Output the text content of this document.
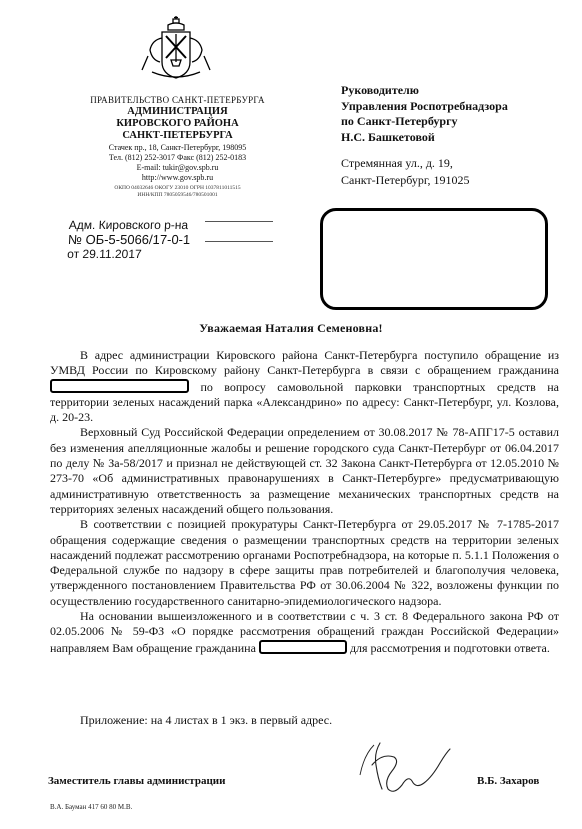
ПРАВИТЕЛЬСТВО САНКТ-ПЕТЕРБУРГА
АДМИНИСТРАЦИЯ
КИРОВСКОГО РАЙОНА
САНКТ-ПЕТЕРБУРГА
Стачек пр., 18, Санкт-Петербург, 198095
Тел. (812) 252-3017 Факс (812) 252-0183
E-mail: tukir@gov.spb.ru
http://www.gov.spb.ru
ОКПО 04032646 ОКОГУ 23010 ОГРН 1037811011515
ИНН/КПП 7805059546/780501001
Адм. Кировского р-на
№ ОБ-5-5066/17-0-1
от 29.11.2017
Руководителю
Управления Роспотребнадзора
по Санкт-Петербургу
Н.С. Башкетовой
Стремянная ул., д. 19,
Санкт-Петербург, 191025
Уважаемая Наталия Семеновна!

В адрес администрации Кировского района Санкт-Петербурга поступило обращение из УМВД России по Кировскому району Санкт-Петербурга в связи с обращением гражданина  по вопросу самовольной парковки транспортных средств на территории зеленых насаждений парка «Александрино» по адресу: Санкт-Петербург, ул. Козлова, д. 20-23.

Верховный Суд Российской Федерации определением от 30.08.2017 № 78-АПГ17-5 оставил без изменения апелляционные жалобы и решение городского суда Санкт-Петербург от 06.04.2017 по делу № За-58/2017 и признал не действующей ст. 32 Закона Санкт-Петербурга от 12.05.2010 № 273-70 «Об административных правонарушениях в Санкт-Петербурге» предусматривающую административную ответственность за размещение механических транспортных средств на территориях зеленых насаждений общего пользования.

В соответствии с позицией прокуратуры Санкт-Петербурга от 29.05.2017 № 7-1785-2017 обращения содержащие сведения о размещении транспортных средств на территории зеленых насаждений подлежат рассмотрению органами Роспотребнадзора, на которые п. 5.1.1 Положения о Федеральной службе по надзору в сфере защиты прав потребителей и благополучия человека, утвержденного постановлением Правительства РФ от 30.06.2004 № 322, возложены функции по осуществлению государственного санитарно-эпидемиологического надзора.

На основании вышеизложенного и в соответствии с ч. 3 ст. 8 Федерального закона РФ от 02.05.2006 № 59-ФЗ «О порядке рассмотрения обращений граждан Российской Федерации» направляем Вам обращение гражданина	для рассмотрения и подготовки ответа.

Приложение: на 4 листах в 1 экз. в первый адрес.
Заместитель главы администрации	В.Б. Захаров
В.А. Бауман 417 60 80 М.В.
